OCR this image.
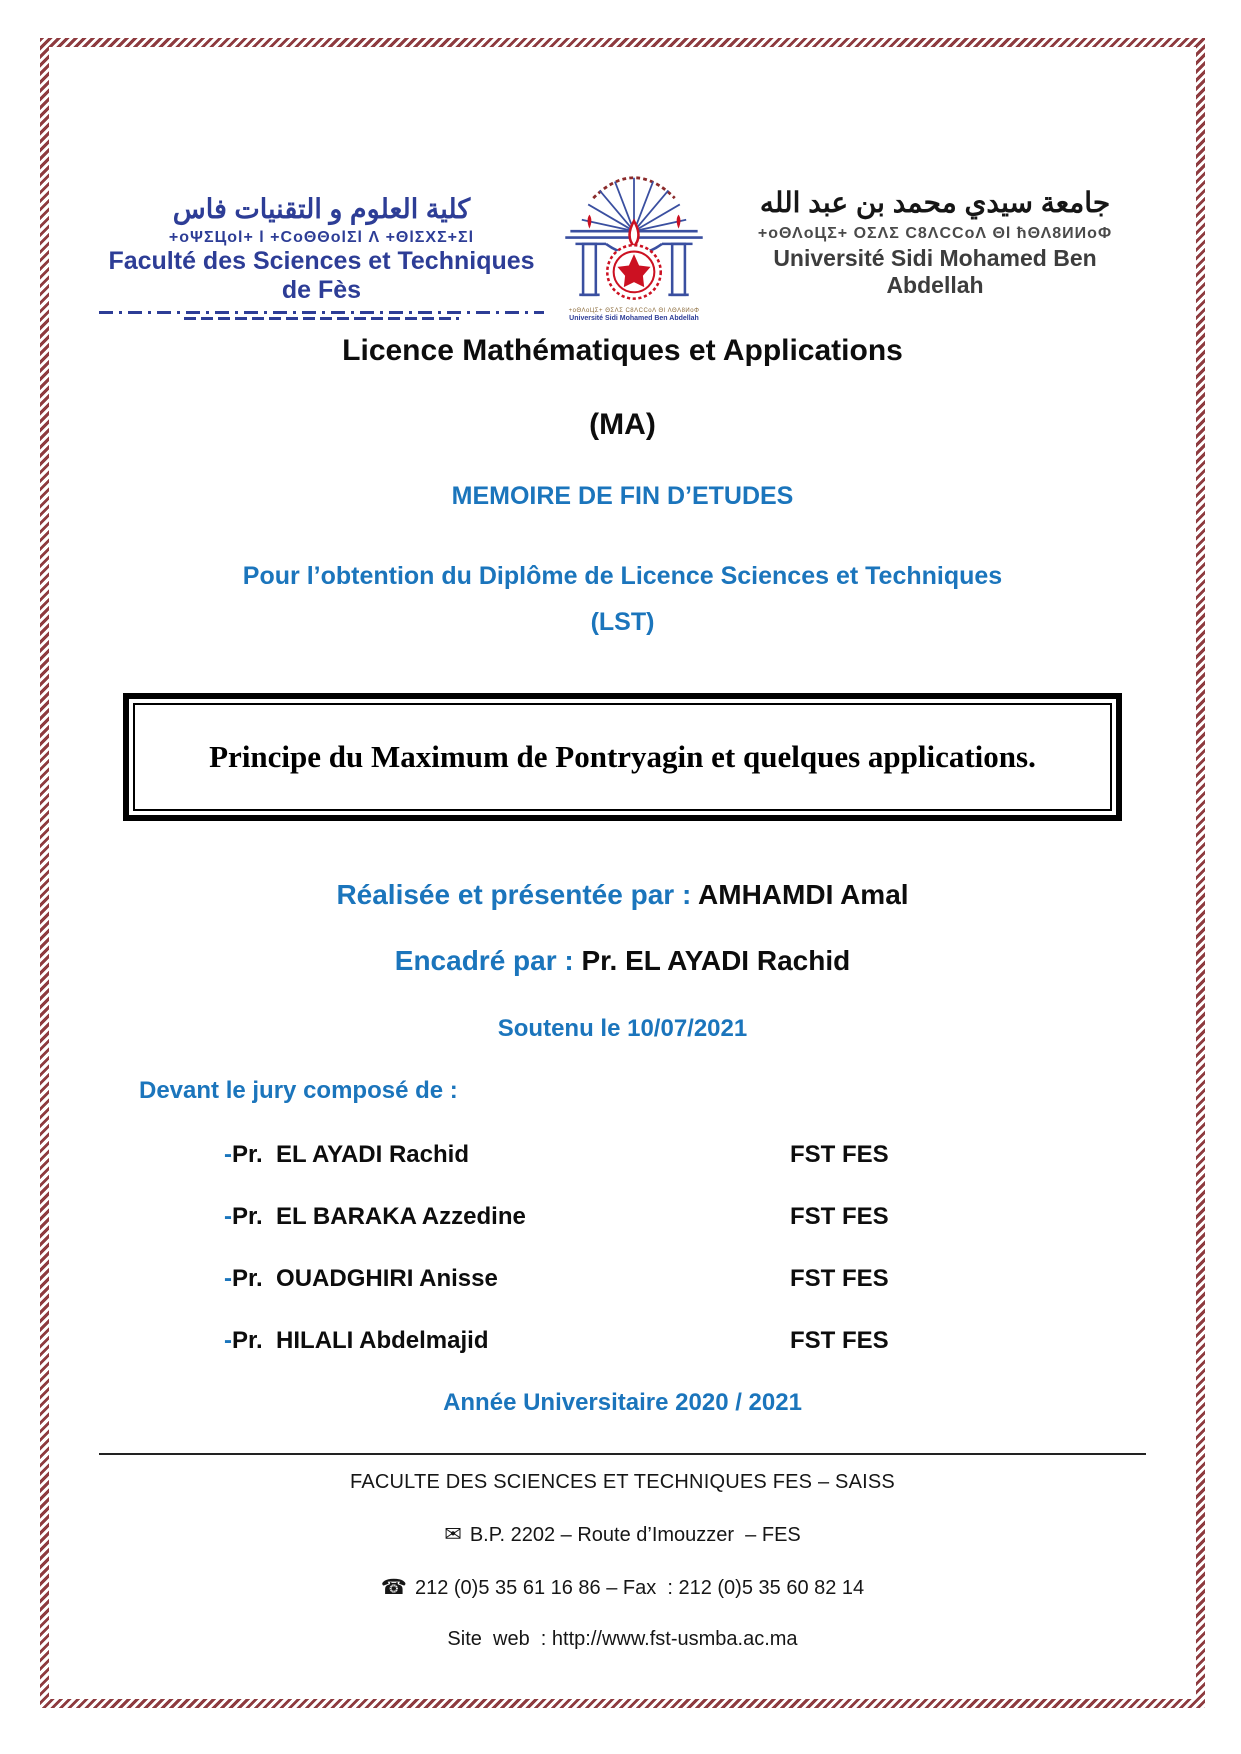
كلية العلوم و التقنيات فاس
+oΨΣЦol+ l +CoΘΘolΣl Λ +ΘlΣΧΣ+Σl
Faculté des Sciences et Techniques de Fès
+oΘΛoЦΣ+ ΘΣΛΣ C8ΛCCoΛ Θl ΛΘΛ8ИoΦ
Université Sidi Mohamed Ben Abdellah
جامعة سيدي محمد بن عبد الله
+oΘΛoЦΣ+ OΣΛΣ C8ΛCCoΛ Θl ħΘΛ8ИИoΦ
Université Sidi Mohamed Ben Abdellah
Licence Mathématiques et Applications
(MA)
MEMOIRE DE FIN D’ETUDES
Pour l’obtention du Diplôme de Licence Sciences et Techniques
(LST)
Principe du Maximum de Pontryagin et quelques applications.
Réalisée et présentée par : AMHAMDI Amal
Encadré par : Pr. EL AYADI Rachid
Soutenu le 10/07/2021
Devant le jury composé de :
- Pr.  EL AYADI Rachid	FST FES
- Pr.  EL BARAKA Azzedine	FST FES
- Pr.  OUADGHIRI Anisse	FST FES
- Pr.  HILALI Abdelmajid	FST FES
Année Universitaire 2020 / 2021
FACULTE DES SCIENCES ET TECHNIQUES FES – SAISS
✉ B.P. 2202 – Route d’Imouzzer  – FES
☎ 212 (0)5 35 61 16 86 – Fax  : 212 (0)5 35 60 82 14
Site  web  : http://www.fst-usmba.ac.ma
